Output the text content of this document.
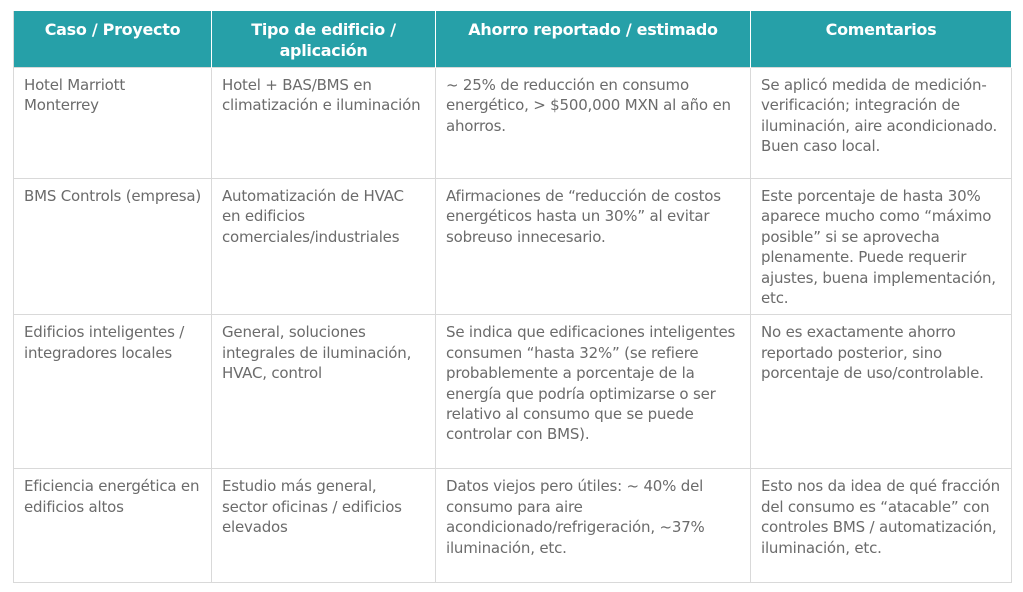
Caso / Proyecto	Tipo de edificio / aplicación	Ahorro reportado / estimado	Comentarios
Hotel Marriott Monterrey	Hotel + BAS/BMS en climatización e iluminación	~ 25% de reducción en consumo energético, > $500,000 MXN al año en ahorros.	Se aplicó medida de medición-verificación; integración de iluminación, aire acondicionado. Buen caso local.
BMS Controls (empresa)	Automatización de HVAC en edificios comerciales/industriales	Afirmaciones de “reducción de costos energéticos hasta un 30%” al evitar sobreuso innecesario.	Este porcentaje de hasta 30% aparece mucho como “máximo posible” si se aprovecha plenamente. Puede requerir ajustes, buena implementación, etc.
Edificios inteligentes / integradores locales	General, soluciones integrales de iluminación, HVAC, control	Se indica que edificaciones inteligentes consumen “hasta 32%” (se refiere probablemente a porcentaje de la energía que podría optimizarse o ser relativo al consumo que se puede controlar con BMS).	No es exactamente ahorro reportado posterior, sino porcentaje de uso/controlable.
Eficiencia energética en edificios altos	Estudio más general, sector oficinas / edificios elevados	Datos viejos pero útiles: ~ 40% del consumo para aire acondicionado/refrigeración, ~37% iluminación, etc.	Esto nos da idea de qué fracción del consumo es “atacable” con controles BMS / automatización, iluminación, etc.
